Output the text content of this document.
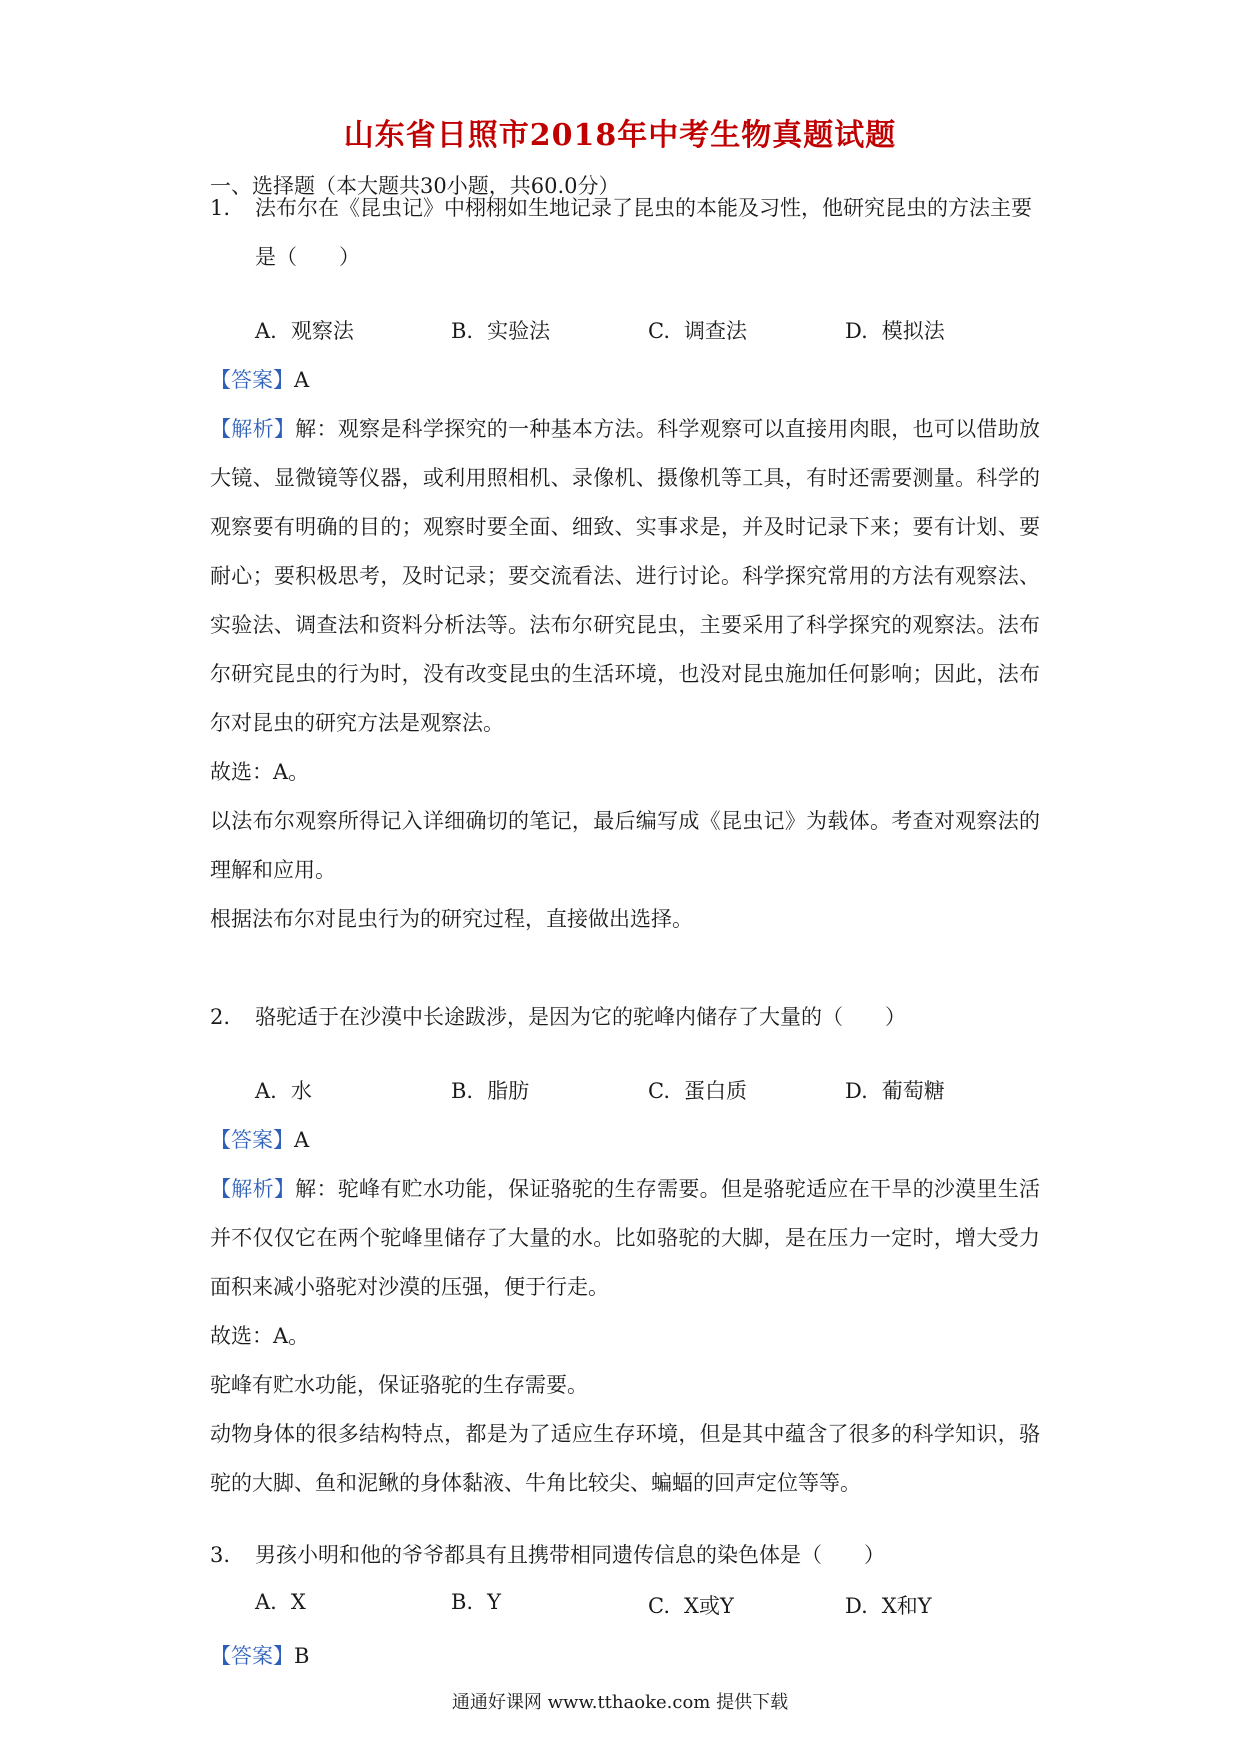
山东省日照市2018年中考生物真题试题
一、选择题（本大题共30小题，共60.0分）
1.	法布尔在《昆虫记》中栩栩如生地记录了昆虫的本能及习性，他研究昆虫的方法主要是（　　）
A. 观察法	B. 实验法	C. 调查法	D. 模拟法
【答案】A
【解析】解：观察是科学探究的一种基本方法。科学观察可以直接用肉眼，也可以借助放大镜、显微镜等仪器，或利用照相机、录像机、摄像机等工具，有时还需要测量。科学的观察要有明确的目的；观察时要全面、细致、实事求是，并及时记录下来；要有计划、要耐心；要积极思考，及时记录；要交流看法、进行讨论。科学探究常用的方法有观察法、实验法、调查法和资料分析法等。法布尔研究昆虫，主要采用了科学探究的观察法。法布尔研究昆虫的行为时，没有改变昆虫的生活环境，也没对昆虫施加任何影响；因此，法布尔对昆虫的研究方法是观察法。
故选：A。
以法布尔观察所得记入详细确切的笔记，最后编写成《昆虫记》为载体。考查对观察法的理解和应用。
根据法布尔对昆虫行为的研究过程，直接做出选择。
2.	骆驼适于在沙漠中长途跋涉，是因为它的驼峰内储存了大量的（　　）
A. 水	B. 脂肪	C. 蛋白质	D. 葡萄糖
【答案】A
【解析】解：驼峰有贮水功能，保证骆驼的生存需要。但是骆驼适应在干旱的沙漠里生活并不仅仅它在两个驼峰里储存了大量的水。比如骆驼的大脚，是在压力一定时，增大受力面积来减小骆驼对沙漠的压强，便于行走。
故选：A。
驼峰有贮水功能，保证骆驼的生存需要。
动物身体的很多结构特点，都是为了适应生存环境，但是其中蕴含了很多的科学知识，骆驼的大脚、鱼和泥鳅的身体黏液、牛角比较尖、蝙蝠的回声定位等等。
3.	男孩小明和他的爷爷都具有且携带相同遗传信息的染色体是（　　）
A. X	B. Y	C. X或Y	D. X和Y
【答案】B
通通好课网 www.tthaoke.com 提供下载
